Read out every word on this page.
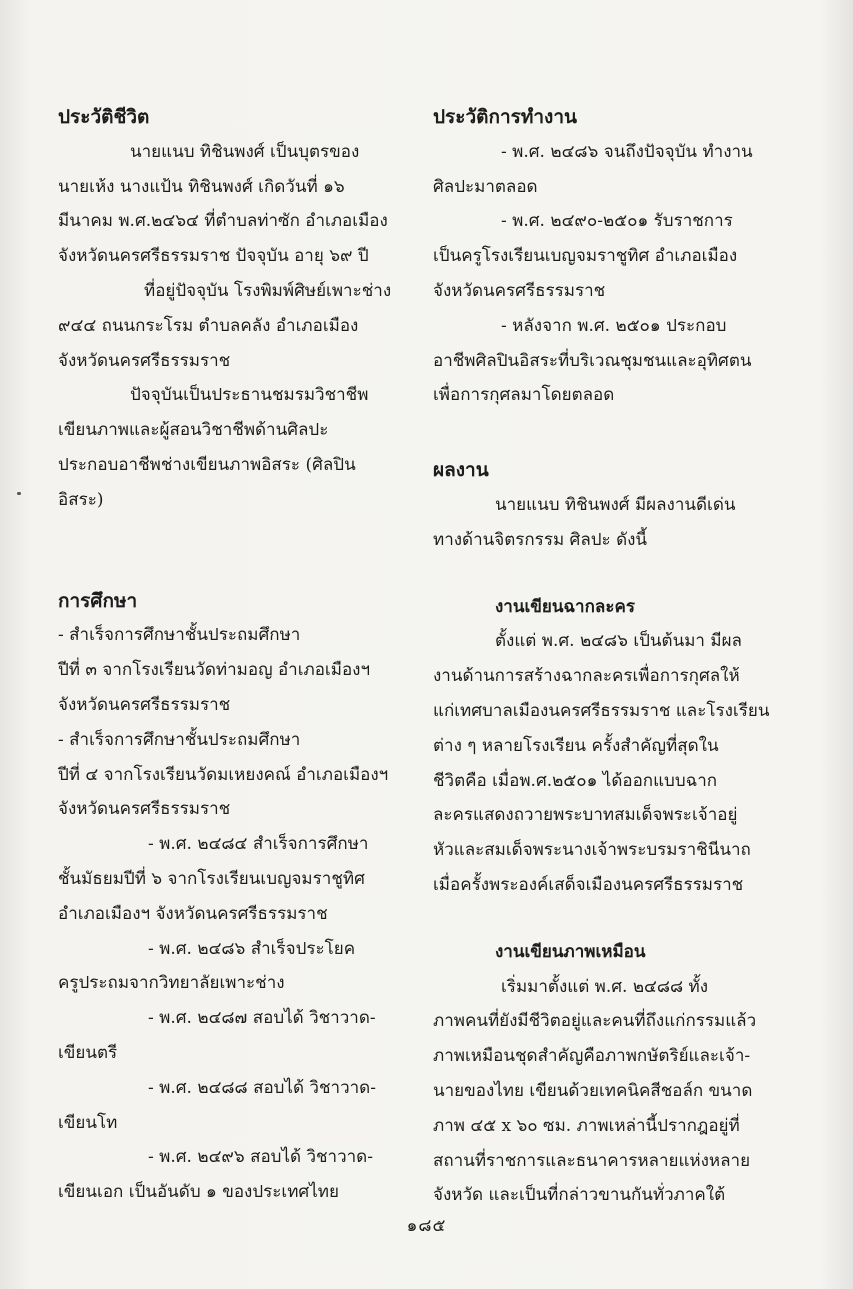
ประวัติชีวิต

นายแนบ ทิชินพงศ์ เป็นบุตรของ

นายเห้ง นางแป้น ทิชินพงศ์ เกิดวันที่ ๑๖

มีนาคม พ.ศ.๒๔๖๔ ที่ตำบลท่าซัก อำเภอเมือง

จังหวัดนครศรีธรรมราช ปัจจุบัน อายุ ๖๙ ปี

ที่อยู่ปัจจุบัน โรงพิมพ์ศิษย์เพาะช่าง

๙๔๔ ถนนกระโรม ตำบลคลัง อำเภอเมือง

จังหวัดนครศรีธรรมราช

ปัจจุบันเป็นประธานชมรมวิชาชีพ

เขียนภาพและผู้สอนวิชาชีพด้านศิลปะ

ประกอบอาชีพช่างเขียนภาพอิสระ (ศิลปิน

อิสระ)

การศึกษา

- สำเร็จการศึกษาชั้นประถมศึกษา

ปีที่ ๓ จากโรงเรียนวัดท่ามอญ อำเภอเมืองฯ

จังหวัดนครศรีธรรมราช

- สำเร็จการศึกษาชั้นประถมศึกษา

ปีที่ ๔ จากโรงเรียนวัดมเหยงคณ์ อำเภอเมืองฯ

จังหวัดนครศรีธรรมราช

- พ.ศ. ๒๔๘๔ สำเร็จการศึกษา

ชั้นมัธยมปีที่ ๖ จากโรงเรียนเบญจมราชูทิศ

อำเภอเมืองฯ จังหวัดนครศรีธรรมราช

- พ.ศ. ๒๔๘๖ สำเร็จประโยค

ครูประถมจากวิทยาลัยเพาะช่าง

- พ.ศ. ๒๔๘๗ สอบได้ วิชาวาด-

เขียนตรี

- พ.ศ. ๒๔๘๘ สอบได้ วิชาวาด-

เขียนโท

- พ.ศ. ๒๔๙๖ สอบได้ วิชาวาด-

เขียนเอก เป็นอันดับ ๑ ของประเทศไทย

ประวัติการทำงาน

- พ.ศ. ๒๔๘๖ จนถึงปัจจุบัน ทำงาน

ศิลปะมาตลอด

- พ.ศ. ๒๔๙๐-๒๕๐๑ รับราชการ

เป็นครูโรงเรียนเบญจมราชูทิศ อำเภอเมือง

จังหวัดนครศรีธรรมราช

- หลังจาก พ.ศ. ๒๕๐๑ ประกอบ

อาชีพศิลปินอิสระที่บริเวณชุมชนและอุทิศตน

เพื่อการกุศลมาโดยตลอด

ผลงาน

นายแนบ ทิชินพงศ์ มีผลงานดีเด่น

ทางด้านจิตรกรรม ศิลปะ ดังนี้

งานเขียนฉากละคร

ตั้งแต่ พ.ศ. ๒๔๘๖ เป็นต้นมา มีผล

งานด้านการสร้างฉากละครเพื่อการกุศลให้

แก่เทศบาลเมืองนครศรีธรรมราช และโรงเรียน

ต่าง ๆ หลายโรงเรียน ครั้งสำคัญที่สุดใน

ชีวิตคือ เมื่อพ.ศ.๒๕๐๑ ได้ออกแบบฉาก

ละครแสดงถวายพระบาทสมเด็จพระเจ้าอยู่

หัวและสมเด็จพระนางเจ้าพระบรมราชินีนาถ

เมื่อครั้งพระองค์เสด็จเมืองนครศรีธรรมราช

งานเขียนภาพเหมือน

เริ่มมาตั้งแต่ พ.ศ. ๒๔๘๘ ทั้ง

ภาพคนที่ยังมีชีวิตอยู่และคนที่ถึงแก่กรรมแล้ว

ภาพเหมือนชุดสำคัญคือภาพกษัตริย์และเจ้า-

นายของไทย เขียนด้วยเทคนิคสีชอล์ก ขนาด

ภาพ ๔๕ x ๖๐ ซม. ภาพเหล่านี้ปรากฎอยู่ที่

สถานที่ราชการและธนาคารหลายแห่งหลาย

จังหวัด และเป็นที่กล่าวขานกันทั่วภาคใต้

๑๘๕
